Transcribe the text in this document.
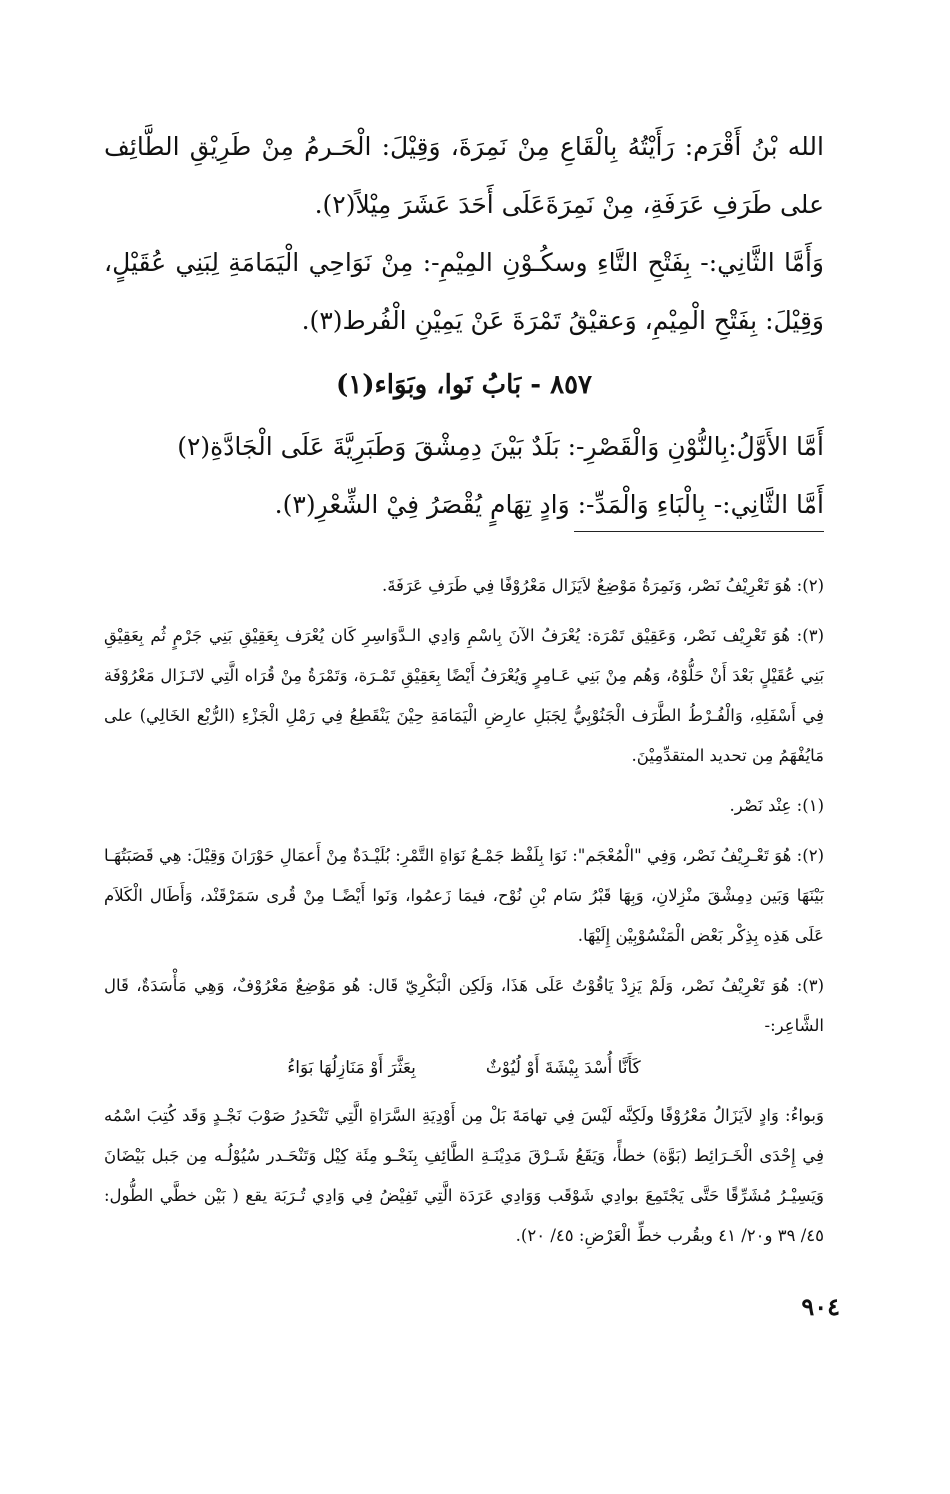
الله بْنُ أَقْرَم: رَأَيْتُهُ بِالْقَاعِ مِنْ نَمِرَةَ، وَقِيْلَ: الْحَـرمُ مِنْ طَرِيْقِ الطَّائِف على طَرَفِ عَرَفَةِ، مِنْ نَمِرَةَعَلَى أَحَدَ عَشَرَ مِيْلاً(٢).

وَأَمَّا الثَّانِي:- بِفَتْحِ التَّاءِ وسكُـوْنِ المِيْمِ-: مِنْ نَوَاحِي الْيَمَامَةِ لِبَنِي عُقَيْلٍ، وَقِيْلَ: بِفَتْحِ الْمِيْمِ، وَعقيْقُ تَمْرَةَ عَنْ يَمِيْنِ الْفُرط(٣).

٨٥٧ - بَابُ نَوا، وبَوَاء(١)

أَمَّا الأَوَّلُ:بِالنُّوْنِ وَالْقَصْرِ-: بَلَدٌ بَيْنَ دِمِشْقَ وَطَبَرِيَّةَ عَلَى الْجَادَّةِ(٢)

أَمَّا الثَّانِي:- بِالْبَاءِ وَالْمَدِّ-: وَادٍ تِهَامٍ يُقْصَرُ فِيْ الشِّعْرِ(٣).

(٢): هُوَ تَعْرِيْفُ نَصْر، وَنَمِرَةُ مَوْضِعٌ لاَيَزَال مَعْرُوْفًا فِي طَرَفِ عَرَفَةَ.

(٣): هُوَ تَعْرِيْف نَصْر، وَعَقِيْق تَمْرَة: يُعْرَفُ الآنَ بِاسْمِ وَادِي الـدَّوَاسِرِ كَان يُعْرَف بِعَقِيْقِ بَنِي جَرْمٍ ثُم بِعَقِيْقِ بَنِي عُقَيْلٍ بَعْدَ أَنْ حَلُّوْهُ، وَهُم مِنْ بَنِي عَـامِرٍ وَيُعْرَفُ أَيْضًا بِعَقِيْقِ تَمْـرَة، وَتَمْرَةُ مِنْ قُرَاه الَّتِي لاتَـزَال مَعْرُوْفَة فِي أَسْفَلِهِ، وَالْفُـرْطُ الطَّرَف الْجَنُوْبِيُّ لِجَبَلِ عارِضِ الْيَمَامَةِ حِيْنَ يَنْقَطِعُ فِي رَمْلِ الْجَزْءِ (الرُّبْع الخَالِي) على مَايُفْهَمُ مِن تحديد المتقدِّمِيْنَ.

(١): عِنْد نَصْر.

(٢): هُوَ تَعْـرِيْفُ نَصْر، وَفِي "الْمُعْجَم": نَوَا بِلَفْظ جَمْـعُ نَوَاةِ التَّمْرِ: بُلَيْـدَةٌ مِنْ أَعمَالِ حَوْرَانَ وَقِيْلَ: هِي قَصَبَتُهَـا بَيْنَهَا وَبَين دِمِشْقَ منْزِلانِ، وَبِهَا قَبْرُ سَام بْنِ نُوْح، فيمَا زَعمُوا، وَنَوا أَيْضًـا مِنْ قُرى سَمَرْقَنْد، وَأَطَال الْكَلاَم عَلَى هَذِه بِذِكْر بَعْض الْمَنْسُوْبِيْن إِلَيْهَا.

(٣): هُوَ تَعْرِيْفُ نَصْر، وَلَمْ يَزِدْ يَاقُوْتُ عَلَى هَذَا، وَلَكِن الْبَكْرِيّ قَال: هُو مَوْضِعٌ مَعْرُوْفٌ، وَهِي مَأْسَدَةٌ، قَال الشَّاعِر:-

كَأَنَّا أُسْدَ بِيْشَةَ أَوْ لُيُوْثٌ
بِعَثَّرَ أَوْ مَنَازِلُهَا بَوَاءُ

وَبواءُ: وَادٍ لاَيَزَالُ مَعْرُوْفًا ولَكِنَّه لَيْسَ فِي تهامَةَ بَلْ مِن أَوْدِيَةِ السَّرَاةِ الَّتِي تَنْحَدِرُ صَوْبَ نَجْـدٍ وَقَد كُتِبَ اسْمُه فِي إِحْدَى الْخَـرَائِط (بَوَّة) خطأً، وَيَقَعُ شَـرْقَ مَدِيْنَـةِ الطَّائِفِ بِنَحْـو مِئَة كِيْل وَتَنْحَـدر سُيُوْلُـه مِن جَبل بَيْضَانَ وَيَسِيْـرُ مُشَرِّقًا حَتَّى يَجْتَمِعَ بوادِي شَوْقَب وَوَادِي عَرَدَة الَّتِي تَفِيْضُ فِي وَادِي تُـرَبَة يقع ( بَيْن خطَّي الطُّول: ٤٥/ ٣٩ و٢٠/ ٤١ وبقُرب خطِّ الْعَرْضِ: ٤٥/ ٢٠).

٩٠٤
